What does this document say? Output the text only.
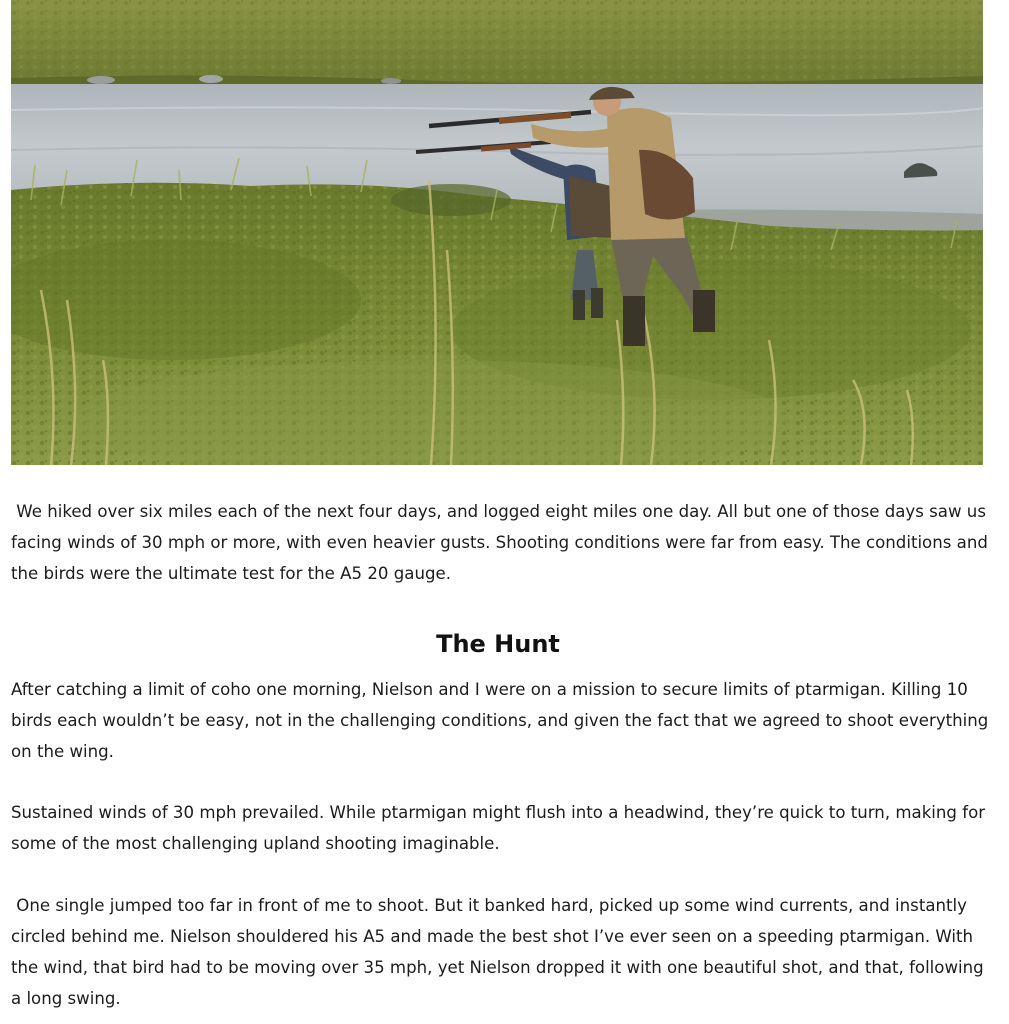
We hiked over six miles each of the next four days, and logged eight miles one day. All but one of those days saw us facing winds of 30 mph or more, with even heavier gusts. Shooting conditions were far from easy. The conditions and the birds were the ultimate test for the A5 20 gauge.

The Hunt

After catching a limit of coho one morning, Nielson and I were on a mission to secure limits of ptarmigan. Killing 10 birds each wouldn’t be easy, not in the challenging conditions, and given the fact that we agreed to shoot everything on the wing.

Sustained winds of 30 mph prevailed. While ptarmigan might flush into a headwind, they’re quick to turn, making for some of the most challenging upland shooting imaginable.

One single jumped too far in front of me to shoot. But it banked hard, picked up some wind currents, and instantly circled behind me. Nielson shouldered his A5 and made the best shot I’ve ever seen on a speeding ptarmigan. With the wind, that bird had to be moving over 35 mph, yet Nielson dropped it with one beautiful shot, and that, following a long swing.
